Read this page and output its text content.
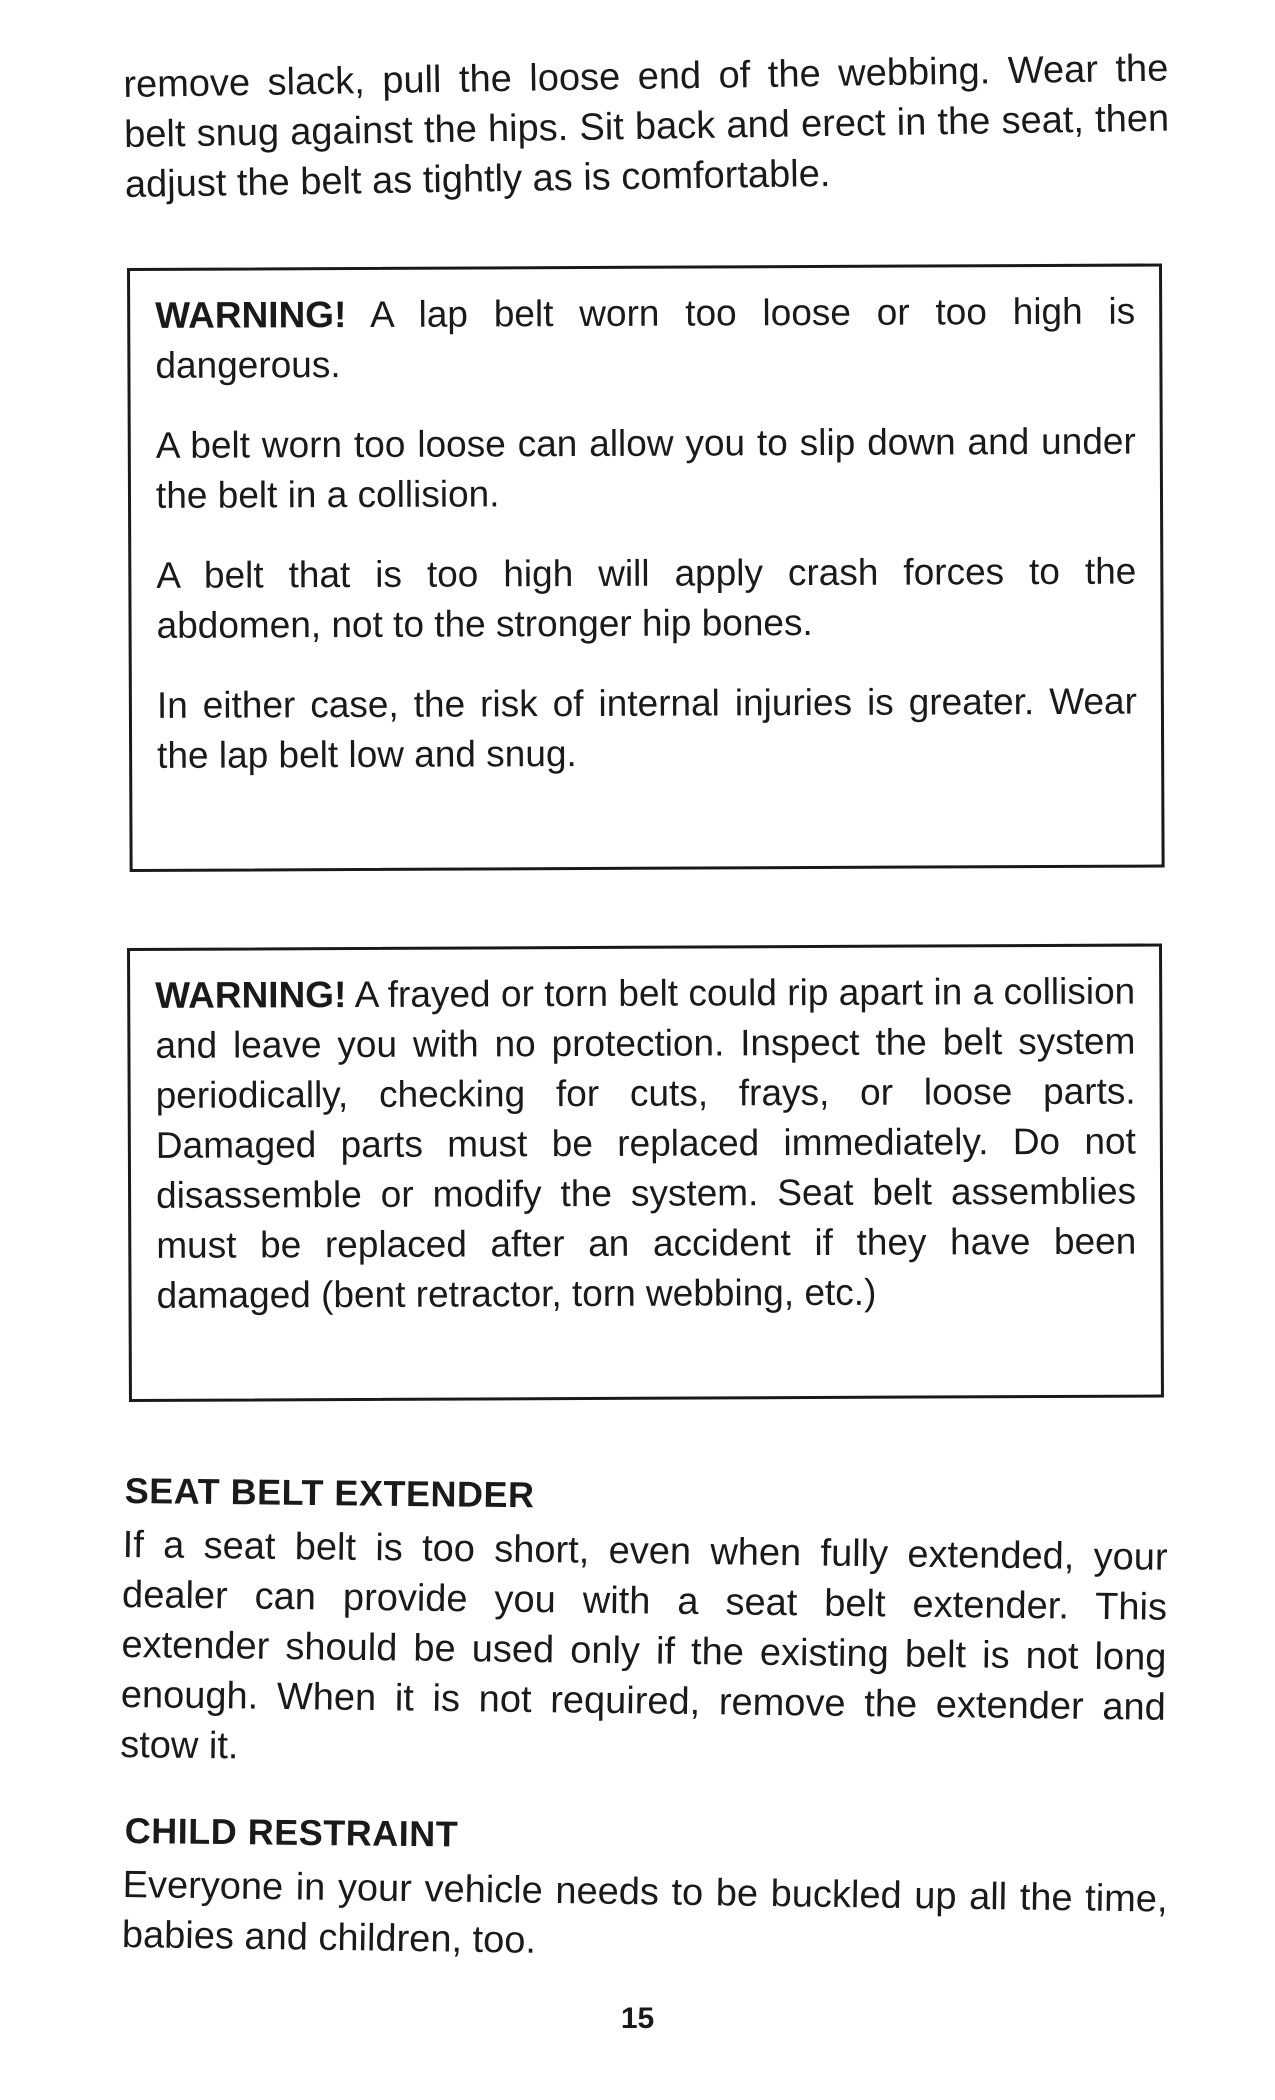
remove slack, pull the loose end of the webbing. Wear the belt snug against the hips. Sit back and erect in the seat, then adjust the belt as tightly as is comfortable.

WARNING! A lap belt worn too loose or too high is dangerous.

A belt worn too loose can allow you to slip down and under the belt in a collision.

A belt that is too high will apply crash forces to the abdomen, not to the stronger hip bones.

In either case, the risk of internal injuries is greater. Wear the lap belt low and snug.

WARNING! A frayed or torn belt could rip apart in a collision and leave you with no protection. Inspect the belt system periodically, checking for cuts, frays, or loose parts. Damaged parts must be replaced immediately. Do not disassemble or modify the system. Seat belt assemblies must be replaced after an accident if they have been damaged (bent retractor, torn webbing, etc.)

SEAT BELT EXTENDER

If a seat belt is too short, even when fully extended, your dealer can provide you with a seat belt extender. This extender should be used only if the existing belt is not long enough. When it is not required, remove the extender and stow it.

CHILD RESTRAINT

Everyone in your vehicle needs to be buckled up all the time, babies and children, too.

15
